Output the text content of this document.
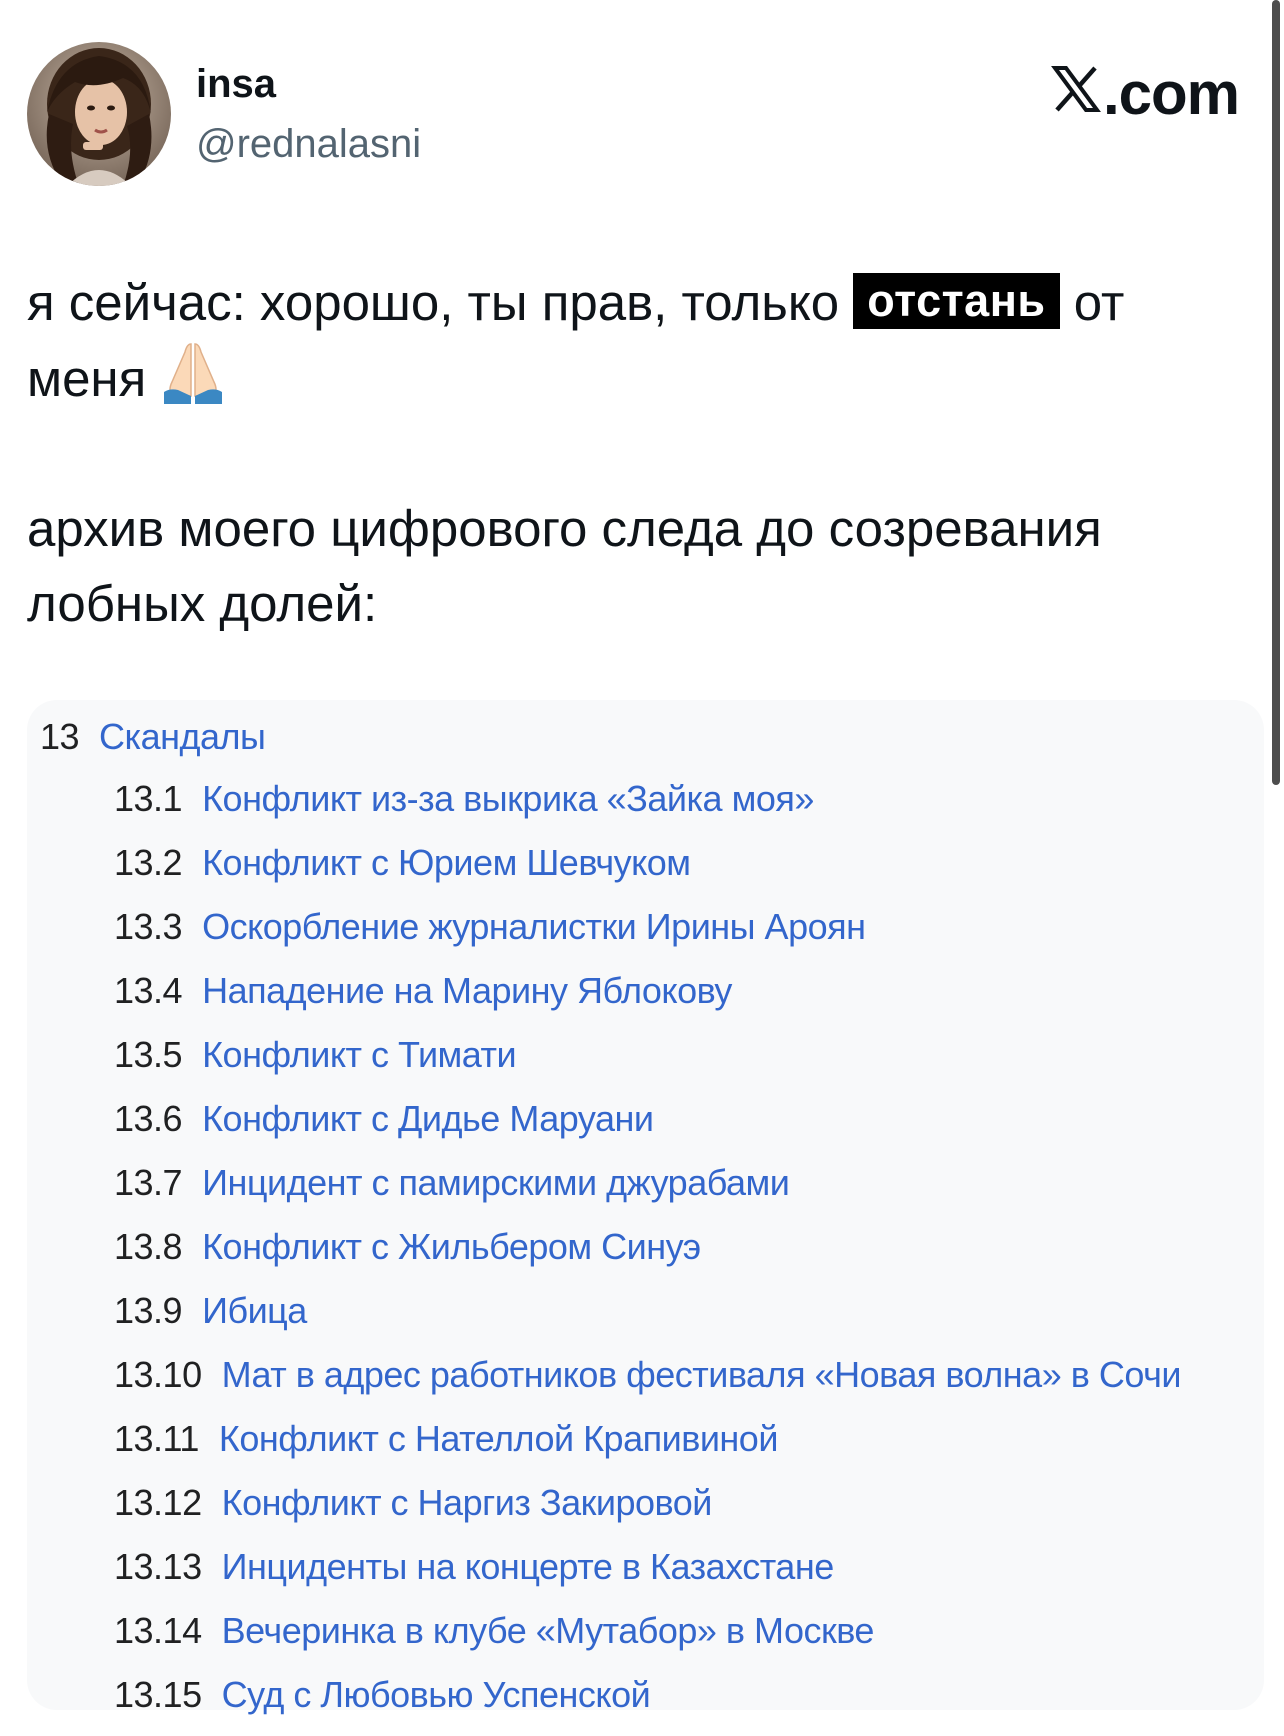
insa
@rednalasni
.com

я сейчас: хорошо, ты прав, только отстань от меня

архив моего цифрового следа до созревания лобных долей:

13 Скандалы
13.1 Конфликт из-за выкрика «Зайка моя»
13.2 Конфликт с Юрием Шевчуком
13.3 Оскорбление журналистки Ирины Ароян
13.4 Нападение на Марину Яблокову
13.5 Конфликт с Тимати
13.6 Конфликт с Дидье Маруани
13.7 Инцидент с памирскими джурабами
13.8 Конфликт с Жильбером Синуэ
13.9 Ибица
13.10 Мат в адрес работников фестиваля «Новая волна» в Сочи
13.11 Конфликт с Нателлой Крапивиной
13.12 Конфликт с Наргиз Закировой
13.13 Инциденты на концерте в Казахстане
13.14 Вечеринка в клубе «Мутабор» в Москве
13.15 Суд с Любовью Успенской
